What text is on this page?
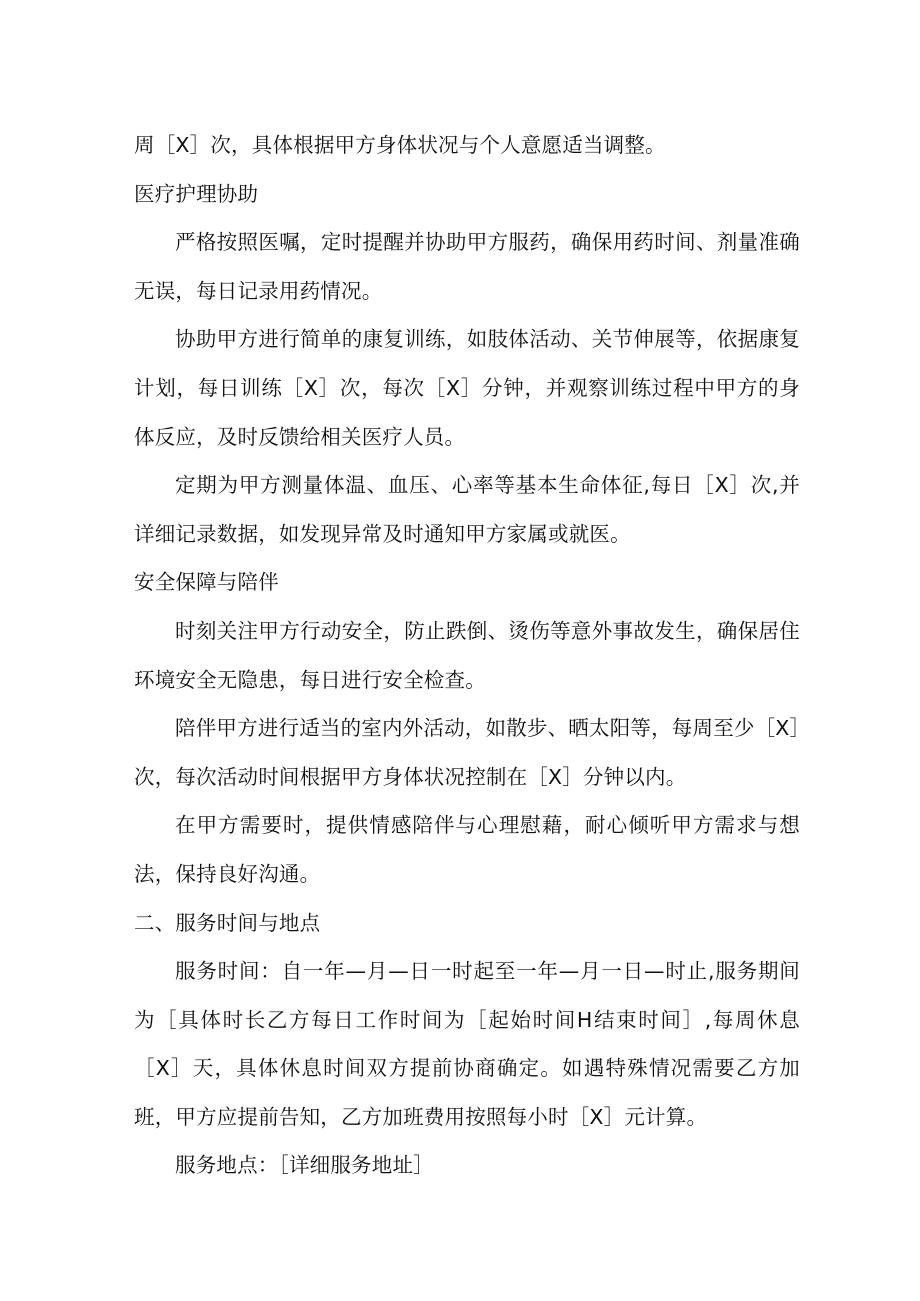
周［X］次，具体根据甲方身体状况与个人意愿适当调整。

医疗护理协助

严格按照医嘱，定时提醒并协助甲方服药，确保用药时间、剂量准确无误，每日记录用药情况。

协助甲方进行简单的康复训练，如肢体活动、关节伸展等，依据康复计划，每日训练［X］次，每次［X］分钟，并观察训练过程中甲方的身体反应，及时反馈给相关医疗人员。

定期为甲方测量体温、血压、心率等基本生命体征,每日［X］次,并详细记录数据，如发现异常及时通知甲方家属或就医。

安全保障与陪伴

时刻关注甲方行动安全，防止跌倒、烫伤等意外事故发生，确保居住环境安全无隐患，每日进行安全检查。

陪伴甲方进行适当的室内外活动，如散步、晒太阳等，每周至少［X］次，每次活动时间根据甲方身体状况控制在［X］分钟以内。

在甲方需要时，提供情感陪伴与心理慰藉，耐心倾听甲方需求与想法，保持良好沟通。

二、服务时间与地点

服务时间：自一年—月—日一时起至一年—月一日—时止,服务期间为［具体时长乙方每日工作时间为［起始时间H结束时间］,每周休息［X］天，具体休息时间双方提前协商确定。如遇特殊情况需要乙方加班，甲方应提前告知，乙方加班费用按照每小时［X］元计算。

服务地点：［详细服务地址］
